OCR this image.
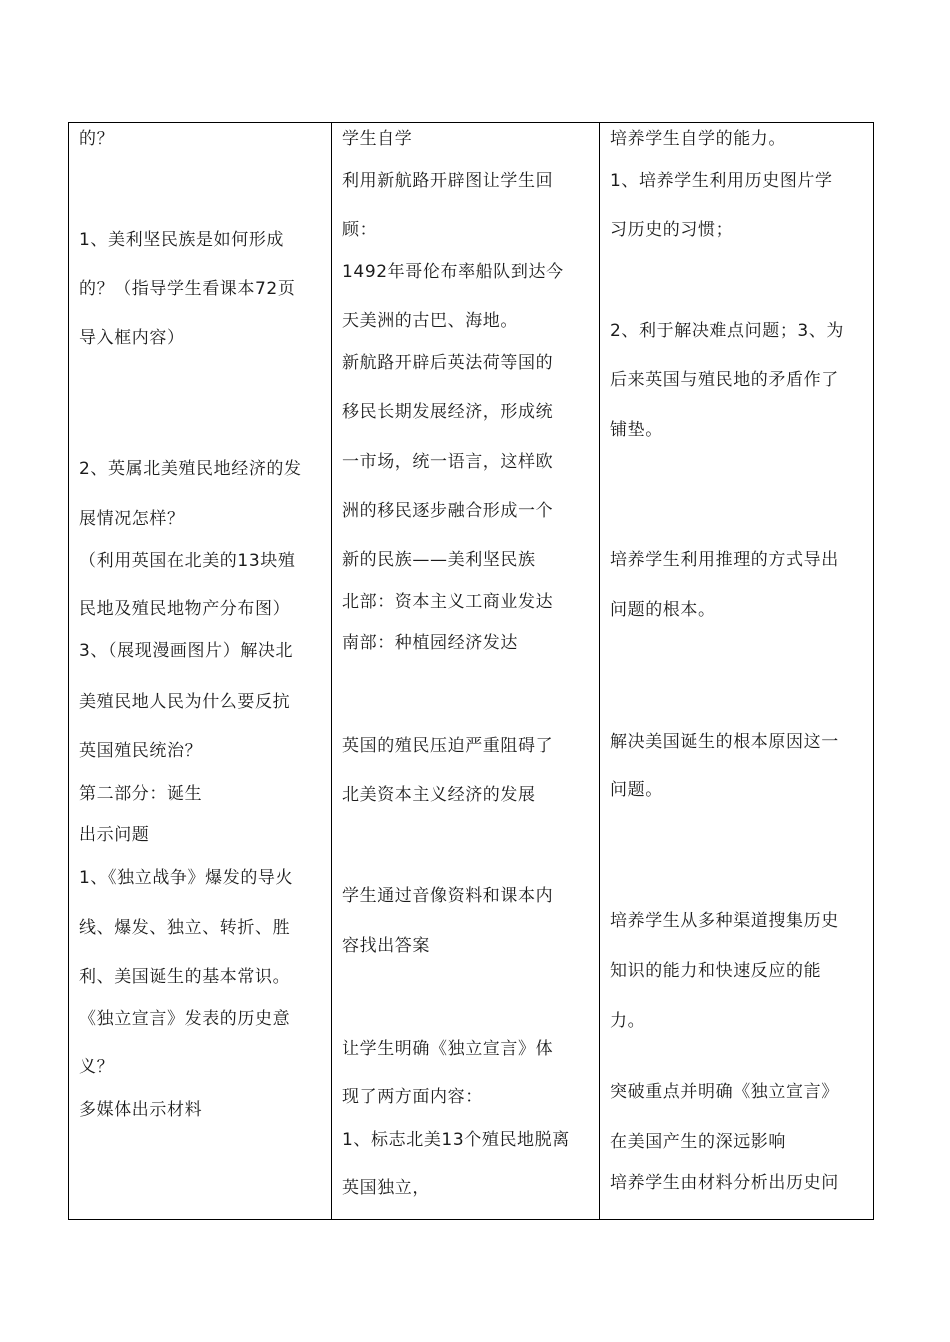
的？
1、美利坚民族是如何形成
的？（指导学生看课本72页
导入框内容）
2、英属北美殖民地经济的发
展情况怎样？
（利用英国在北美的13块殖
民地及殖民地物产分布图）
3、（展现漫画图片）解决北
美殖民地人民为什么要反抗
英国殖民统治？
第二部分：诞生
出示问题
1、《独立战争》爆发的导火
线、爆发、独立、转折、胜
利、美国诞生的基本常识。
《独立宣言》发表的历史意
义？
多媒体出示材料

学生自学
利用新航路开辟图让学生回
顾：
1492年哥伦布率船队到达今
天美洲的古巴、海地。
新航路开辟后英法荷等国的
移民长期发展经济，形成统
一市场，统一语言，这样欧
洲的移民逐步融合形成一个
新的民族——美利坚民族
北部：资本主义工商业发达
南部：种植园经济发达
英国的殖民压迫严重阻碍了
北美资本主义经济的发展
学生通过音像资料和课本内
容找出答案
让学生明确《独立宣言》体
现了两方面内容：
1、标志北美13个殖民地脱离
英国独立，

培养学生自学的能力。
1、培养学生利用历史图片学
习历史的习惯；
2、利于解决难点问题；3、为
后来英国与殖民地的矛盾作了
铺垫。
培养学生利用推理的方式导出
问题的根本。
解决美国诞生的根本原因这一
问题。
培养学生从多种渠道搜集历史
知识的能力和快速反应的能
力。
突破重点并明确《独立宣言》
在美国产生的深远影响
培养学生由材料分析出历史问
